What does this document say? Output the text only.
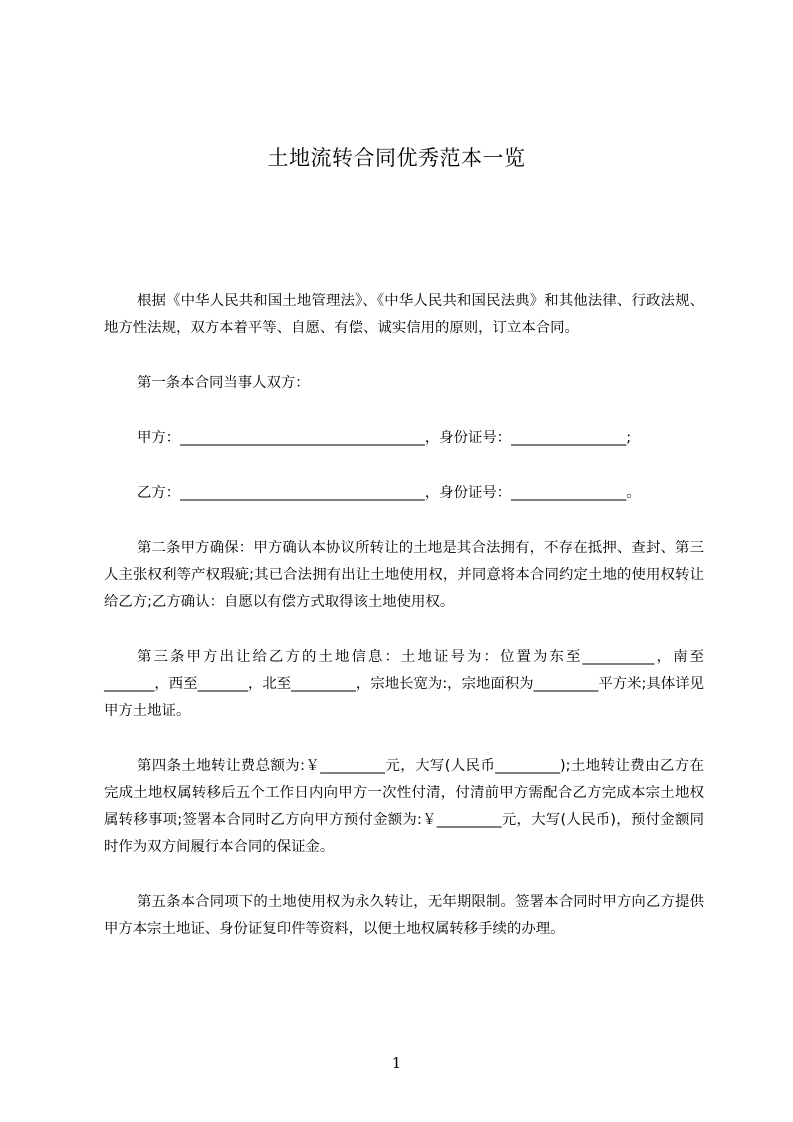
土地流转合同优秀范本一览

根据《中华人民共和国土地管理法》、《中华人民共和国民法典》和其他法律、行政法规、地方性法规，双方本着平等、自愿、有偿、诚实信用的原则，订立本合同。

第一条本合同当事人双方：

甲方：__________________________________，身份证号：________________;

乙方：__________________________________，身份证号：________________。

第二条甲方确保：甲方确认本协议所转让的土地是其合法拥有，不存在抵押、查封、第三人主张权利等产权瑕疵;其已合法拥有出让土地使用权，并同意将本合同约定土地的使用权转让给乙方;乙方确认：自愿以有偿方式取得该土地使用权。

第三条甲方出让给乙方的土地信息：土地证号为：位置为东至__________，南至_______，西至_______，北至_________，宗地长宽为:，宗地面积为_________平方米;具体详见甲方土地证。

第四条土地转让费总额为:￥_________元，大写(人民币_________);土地转让费由乙方在完成土地权属转移后五个工作日内向甲方一次性付清，付清前甲方需配合乙方完成本宗土地权属转移事项;签署本合同时乙方向甲方预付金额为:￥_________元，大写(人民币)，预付金额同时作为双方间履行本合同的保证金。

第五条本合同项下的土地使用权为永久转让，无年期限制。签署本合同时甲方向乙方提供甲方本宗土地证、身份证复印件等资料，以便土地权属转移手续的办理。

1
